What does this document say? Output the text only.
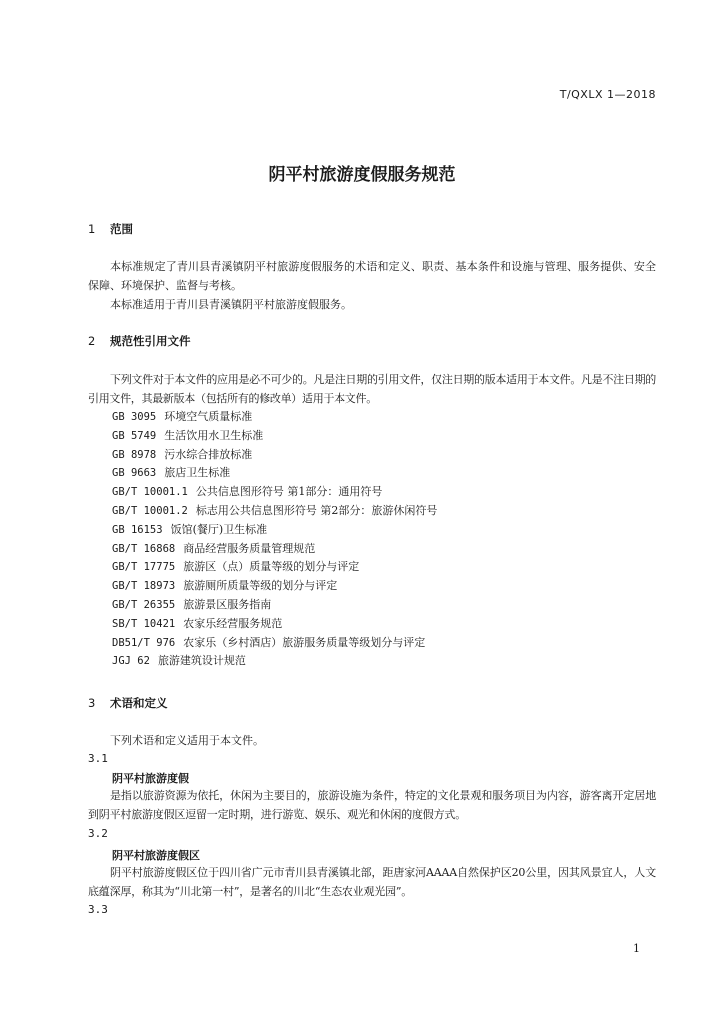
T/QXLX 1—2018
阴平村旅游度假服务规范
1 范围
本标准规定了青川县青溪镇阴平村旅游度假服务的术语和定义、职责、基本条件和设施与管理、服务提供、安全保障、环境保护、监督与考核。
本标准适用于青川县青溪镇阴平村旅游度假服务。
2 规范性引用文件
下列文件对于本文件的应用是必不可少的。凡是注日期的引用文件，仅注日期的版本适用于本文件。凡是不注日期的引用文件，其最新版本（包括所有的修改单）适用于本文件。
GB 3095 环境空气质量标准
GB 5749 生活饮用水卫生标准
GB 8978 污水综合排放标准
GB 9663 旅店卫生标准
GB/T 10001.1 公共信息图形符号 第1部分：通用符号
GB/T 10001.2 标志用公共信息图形符号 第2部分：旅游休闲符号
GB 16153 饭馆(餐厅)卫生标准
GB/T 16868 商品经营服务质量管理规范
GB/T 17775 旅游区（点）质量等级的划分与评定
GB/T 18973 旅游厕所质量等级的划分与评定
GB/T 26355 旅游景区服务指南
SB/T 10421 农家乐经营服务规范
DB51/T 976 农家乐（乡村酒店）旅游服务质量等级划分与评定
JGJ 62 旅游建筑设计规范
3 术语和定义
下列术语和定义适用于本文件。
3.1
阴平村旅游度假
是指以旅游资源为依托，休闲为主要目的，旅游设施为条件，特定的文化景观和服务项目为内容，游客离开定居地到阴平村旅游度假区逗留一定时期，进行游览、娱乐、观光和休闲的度假方式。
3.2
阴平村旅游度假区
阴平村旅游度假区位于四川省广元市青川县青溪镇北部，距唐家河AAAA自然保护区20公里，因其风景宜人，人文底蕴深厚，称其为“川北第一村”，是著名的川北“生态农业观光园”。
3.3
1
